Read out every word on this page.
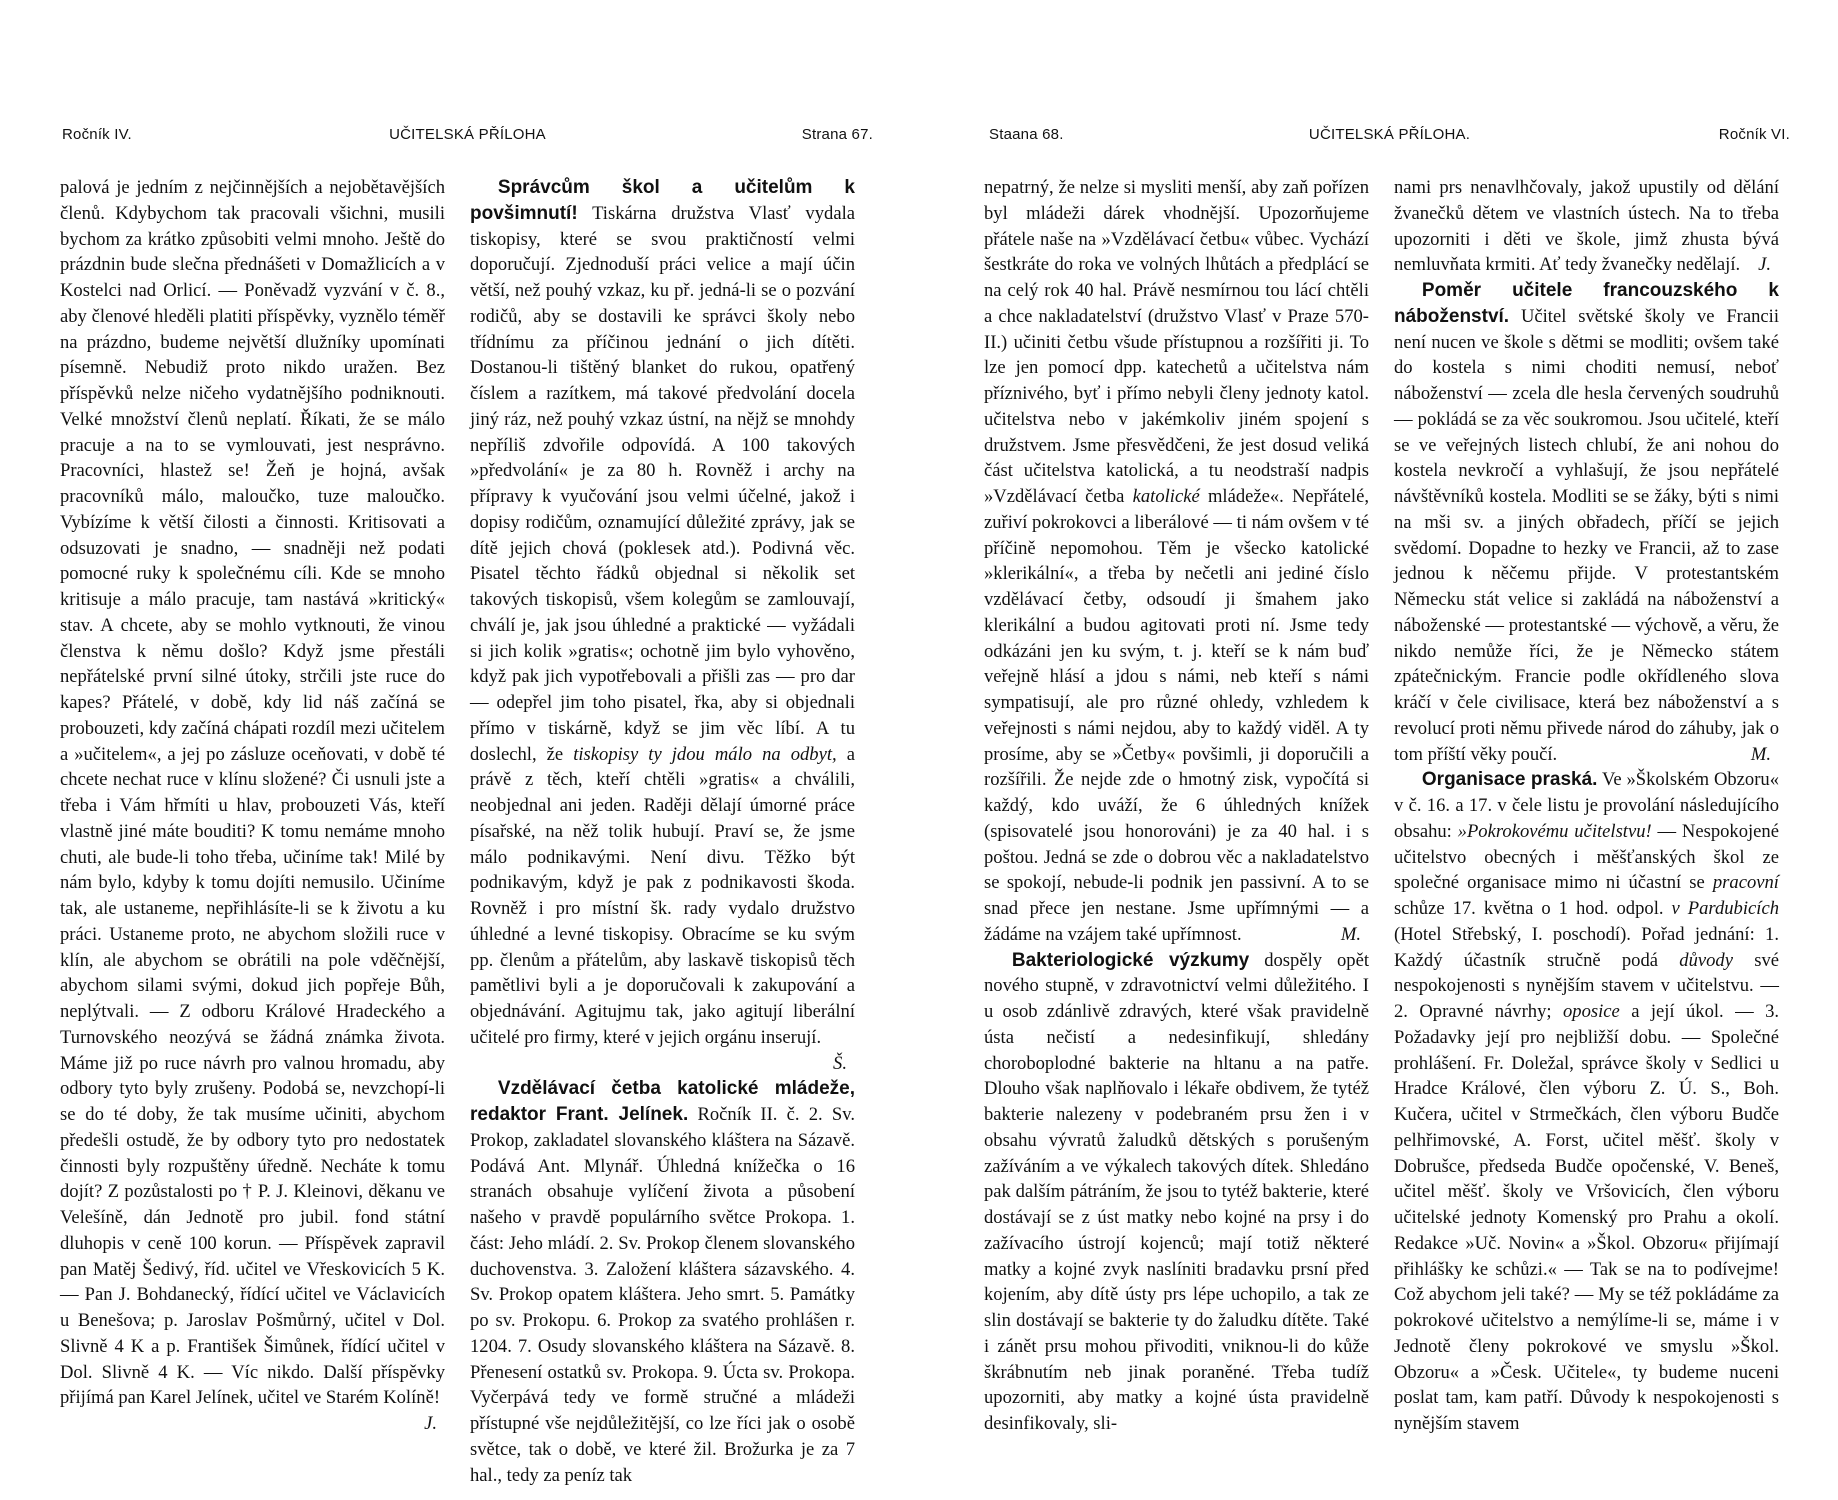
Ročník IV.	UČITELSKÁ PŘÍLOHA	Strana 67.

palová je jedním z nejčinnějších a nejobětavějších členů. Kdybychom tak pracovali všichni, musili bychom za krátko způsobiti velmi mnoho. Ještě do prázdnin bude slečna přednášeti v Domažlicích a v Kostelci nad Orlicí. — Poněvadž vyzvání v č. 8., aby členové hleděli platiti příspěvky, vyznělo téměř na prázdno, budeme největší dlužníky upomínati písemně. Nebudiž proto nikdo uražen. Bez příspěvků nelze ničeho vydatnějšího podniknouti. Velké množství členů neplatí. Říkati, že se málo pracuje a na to se vymlouvati, jest nesprávno. Pracovníci, hlastež se! Žeň je hojná, avšak pracovníků málo, maloučko, tuze maloučko. Vybízíme k větší čilosti a činnosti. Kritisovati a odsuzovati je snadno, — snadněji než podati pomocné ruky k společnému cíli. Kde se mnoho kritisuje a málo pracuje, tam nastává »kritický« stav. A chcete, aby se mohlo vytknouti, že vinou členstva k němu došlo? Když jsme přestáli nepřátelské první silné útoky, strčili jste ruce do kapes? Přátelé, v době, kdy lid náš začíná se probouzeti, kdy začíná chápati rozdíl mezi učitelem a »učitelem«, a jej po zásluze oceňovati, v době té chcete nechat ruce v klínu složené? Či usnuli jste a třeba i Vám hřmíti u hlav, probouzeti Vás, kteří vlastně jiné máte bouditi? K tomu nemáme mnoho chuti, ale bude-li toho třeba, učiníme tak! Milé by nám bylo, kdyby k tomu dojíti nemusilo. Učiníme tak, ale ustaneme, nepřihlásíte-li se k životu a ku práci. Ustaneme proto, ne abychom složili ruce v klín, ale abychom se obrátili na pole vděčnější, abychom silami svými, dokud jich popřeje Bůh, neplýtvali. — Z odboru Králové Hradeckého a Turnovského neozývá se žádná známka života. Máme již po ruce návrh pro valnou hromadu, aby odbory tyto byly zrušeny. Podobá se, nevzchopí-li se do té doby, že tak musíme učiniti, abychom předešli ostudě, že by odbory tyto pro nedostatek činnosti byly rozpuštěny úředně. Necháte k tomu dojít? Z pozůstalosti po † P. J. Kleinovi, děkanu ve Velešíně, dán Jednotě pro jubil. fond státní dluhopis v ceně 100 korun. — Příspěvek zapravil pan Matěj Šedivý, říd. učitel ve Vřeskovicích 5 K. — Pan J. Bohdanecký, řídící učitel ve Václavicích u Benešova; p. Jaroslav Pošmůrný, učitel v Dol. Slivně 4 K a p. František Šimůnek, řídící učitel v Dol. Slivně 4 K. — Víc nikdo. Další příspěvky přijímá pan Karel Jelínek, učitel ve Starém Kolíně!
J.

Správcům škol a učitelům k povšimnutí! Tiskárna družstva Vlasť vydala tiskopisy, které se svou praktičností velmi doporučují. Zjednoduší práci velice a mají účin větší, než pouhý vzkaz, ku př. jedná-li se o pozvání rodičů, aby se dostavili ke správci školy nebo třídnímu za příčinou jednání o jich dítěti. Dostanou-li tištěný blanket do rukou, opatřený číslem a razítkem, má takové předvolání docela jiný ráz, než pouhý vzkaz ústní, na nějž se mnohdy nepříliš zdvořile odpovídá. A 100 takových »předvolání« je za 80 h. Rovněž i archy na přípravy k vyučování jsou velmi účelné, jakož i dopisy rodičům, oznamující důležité zprávy, jak se dítě jejich chová (poklesek atd.). Podivná věc. Pisatel těchto řádků objednal si několik set takových tiskopisů, všem kolegům se zamlouvají, chválí je, jak jsou úhledné a praktické — vyžádali si jich kolik »gratis«; ochotně jim bylo vyhověno, když pak jich vypotřebovali a přišli zas — pro dar — odepřel jim toho pisatel, řka, aby si objednali přímo v tiskárně, když se jim věc líbí. A tu doslechl, že tiskopisy ty jdou málo na odbyt, a právě z těch, kteří chtěli »gratis« a chválili, neobjednal ani jeden. Raději dělají úmorné práce písařské, na něž tolik hubují. Praví se, že jsme málo podnikavými. Není divu. Těžko být podnikavým, když je pak z podnikavosti škoda. Rovněž i pro místní šk. rady vydalo družstvo úhledné a levné tiskopisy. Obracíme se ku svým pp. členům a přátelům, aby laskavě tiskopisů těch pamětlivi byli a je doporučovali k zakupování a objednávání. Agitujmu tak, jako agitují liberální učitelé pro firmy, které v jejich orgánu inserují.
Š.

Vzdělávací četba katolické mládeže, redaktor Frant. Jelínek. Ročník II. č. 2. Sv. Prokop, zakladatel slovanského kláštera na Sázavě. Podává Ant. Mlynář. Úhledná knížečka o 16 stranách obsahuje vylíčení života a působení našeho v pravdě populárního světce Prokopa. 1. část: Jeho mládí. 2. Sv. Prokop členem slovanského duchovenstva. 3. Založení kláštera sázavského. 4. Sv. Prokop opatem kláštera. Jeho smrt. 5. Památky po sv. Prokopu. 6. Prokop za svatého prohlášen r. 1204. 7. Osudy slovanského kláštera na Sázavě. 8. Přenesení ostatků sv. Prokopa. 9. Úcta sv. Prokopa. Vyčerpává tedy ve formě stručné a mládeži přístupné vše nejdůležitější, co lze říci jak o osobě světce, tak o době, ve které žil. Brožurka je za 7 hal., tedy za peníz tak

Staana 68.	UČITELSKÁ PŘÍLOHA.	Ročník VI.

nepatrný, že nelze si mysliti menší, aby zaň pořízen byl mládeži dárek vhodnější. Upozorňujeme přátele naše na »Vzdělávací četbu« vůbec. Vychází šestkráte do roka ve volných lhůtách a předplácí se na celý rok 40 hal. Právě nesmírnou tou lácí chtěli a chce nakladatelství (družstvo Vlasť v Praze 570-II.) učiniti četbu všude přístupnou a rozšířiti ji. To lze jen pomocí dpp. katechetů a učitelstva nám příznivého, byť i přímo nebyli členy jednoty katol. učitelstva nebo v jakémkoliv jiném spojení s družstvem. Jsme přesvědčeni, že jest dosud veliká část učitelstva katolická, a tu neodstraší nadpis »Vzdělávací četba katolické mládeže«. Nepřátelé, zuřiví pokrokovci a liberálové — ti nám ovšem v té příčině nepomohou. Těm je všecko katolické »klerikální«, a třeba by nečetli ani jediné číslo vzdělávací četby, odsoudí ji šmahem jako klerikální a budou agitovati proti ní. Jsme tedy odkázáni jen ku svým, t. j. kteří se k nám buď veřejně hlásí a jdou s námi, neb kteří s námi sympatisují, ale pro různé ohledy, vzhledem k veřejnosti s námi nejdou, aby to každý viděl. A ty prosíme, aby se »Četby« povšimli, ji doporučili a rozšířili. Že nejde zde o hmotný zisk, vypočítá si každý, kdo uváží, že 6 úhledných knížek (spisovatelé jsou honorováni) je za 40 hal. i s poštou. Jedná se zde o dobrou věc a nakladatelstvo se spokojí, nebude-li podnik jen passivní. A to se snad přece jen nestane. Jsme upřímnými — a žádáme na vzájem také upřímnost.	M.

Bakteriologické výzkumy dospěly opět nového stupně, v zdravotnictví velmi důležitého. I u osob zdánlivě zdravých, které však pravidelně ústa nečistí a nedesinfikují, shledány choroboplodné bakterie na hltanu a na patře. Dlouho však naplňovalo i lékaře obdivem, že tytéž bakterie nalezeny v podebraném prsu žen i v obsahu vývratů žaludků dětských s porušeným zažíváním a ve výkalech takových dítek. Shledáno pak dalším pátráním, že jsou to tytéž bakterie, které dostávají se z úst matky nebo kojné na prsy i do zažívacího ústrojí kojenců; mají totiž některé matky a kojné zvyk naslíniti bradavku prsní před kojením, aby dítě ústy prs lépe uchopilo, a tak ze slin dostávají se bakterie ty do žaludku dítěte. Také i zánět prsu mohou přivoditi, vniknou-li do kůže škrábnutím neb jinak poraněné. Třeba tudíž upozorniti, aby matky a kojné ústa pravidelně desinfikovaly, sli-

nami prs nenavlhčovaly, jakož upustily od dělání žvanečků dětem ve vlastních ústech. Na to třeba upozorniti i děti ve škole, jimž zhusta bývá nemluvňata krmiti. Ať tedy žvanečky nedělají. J.

Poměr učitele francouzského k náboženství. Učitel světské školy ve Francii není nucen ve škole s dětmi se modliti; ovšem také do kostela s nimi choditi nemusí, neboť náboženství — zcela dle hesla červených soudruhů — pokládá se za věc soukromou. Jsou učitelé, kteří se ve veřejných listech chlubí, že ani nohou do kostela nevkročí a vyhlašují, že jsou nepřátelé návštěvníků kostela. Modliti se se žáky, býti s nimi na mši sv. a jiných obřadech, příčí se jejich svědomí. Dopadne to hezky ve Francii, až to zase jednou k něčemu přijde. V protestantském Německu stát velice si zakládá na náboženství a náboženské — protestantské — výchově, a věru, že nikdo nemůže říci, že je Německo státem zpátečnickým. Francie podle okřídleného slova kráčí v čele civilisace, která bez náboženství a s revolucí proti němu přivede národ do záhuby, jak o tom příští věky poučí.	M.

Organisace praská. Ve »Školském Obzoru« v č. 16. a 17. v čele listu je provolání následujícího obsahu: »Pokrokovému učitelstvu! — Nespokojené učitelstvo obecných i měšťanských škol ze společné organisace mimo ni účastní se pracovní schůze 17. května o 1 hod. odpol. v Pardubicích (Hotel Střebský, I. poschodí). Pořad jednání: 1. Každý účastník stručně podá důvody své nespokojenosti s nynějším stavem v učitelstvu. — 2. Opravné návrhy; oposice a její úkol. — 3. Požadavky její pro nejbližší dobu. — Společné prohlášení. Fr. Doležal, správce školy v Sedlici u Hradce Králové, člen výboru Z. Ú. S., Boh. Kučera, učitel v Strmečkách, člen výboru Budče pelhřimovské, A. Forst, učitel měšť. školy v Dobrušce, předseda Budče opočenské, V. Beneš, učitel měšť. školy ve Vršovicích, člen výboru učitelské jednoty Komenský pro Prahu a okolí. Redakce »Uč. Novin« a »Škol. Obzoru« přijímají přihlášky ke schůzi.« — Tak se na to podívejme! Což abychom jeli také? — My se též pokládáme za pokrokové učitelstvo a nemýlíme-li se, máme i v Jednotě členy pokrokové ve smyslu »Škol. Obzoru« a »Česk. Učitele«, ty budeme nuceni poslat tam, kam patří. Důvody k nespokojenosti s nynějším stavem
